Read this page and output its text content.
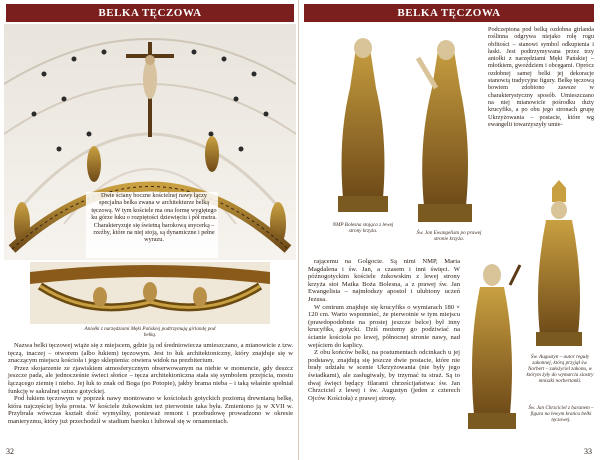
BELKA TĘCZOWA
Dwie ściany boczne kościelnej nawy łączy specjalna belka zwana w architekturze belką tęczową. W tym kościele ma ona formę wygiętego ku górze łuku o rozpiętości dziewięciu i pół metra. Charakteryzuje się świetną barokową snycerką – rzeźby, które na niej stoją, są dynamiczne i pełne wyrazu.
Aniołki z narzędziami Męki Pańskiej podtrzymują girlandę pod belką.

Nazwa belki tęczowej wiąże się z miejscem, gdzie ją od średniowiecza umieszczano, a mianowicie z tzw. tęczą, inaczej – otworem (albo łukiem) tęczowym. Jest to łuk architektoniczny, który znajduje się w znaczącym miejscu kościoła i jego sklepienia: otwiera widok na prezbiterium.

Przez skojarzenie ze zjawiskiem atmosferycznym obserwowanym na niebie w momencie, gdy deszcz jeszcze pada, ale jednocześnie świeci słońce – tęcza architektoniczna stała się symbolem przejścia, mostu łączącego ziemię i niebo. Jej łuk to znak od Boga (po Potopie), jakby brama nieba – i taką właśnie spełniał funkcję w sakralnej sztuce gotyckiej.

Pod łukiem tęczowym w poprzek nawy montowano w kościołach gotyckich poziomą drewnianą belkę, która najczęściej była prosta. W kościele żukowskim też pierwotnie taka była. Zmieniono ją w XVII w. Przybrała wówczas kształt dość wymyślny, ponieważ remont i przebudowę prowadzono w okresie manieryzmu, który już przechodził w stadium baroku i lubował się w ornamentach.

32
BELKA TĘCZOWA
Podczepiona pod belką ozdobna girlanda roślinna odgrywa niejako rolę rogu obfitości – stanowi symbol odkupienia i łaski. Jest podtrzymywana przez trzy aniołki z narzędziami Męki Pańskiej – młotkiem, gwoździem i obcęgami. Oprócz ozdobnej samej belki jej dekoracje stanowią tradycyjne figury. Belkę tęczową bowiem zdobiono zawsze w charakterystyczny sposób. Umieszczano na niej mianowicie pośrodku duży krucyfiks, a po obu jego stronach grupę Ukrzyżowania – postacie, które wg ewangelii towarzyszyły umie-
NMP Bolesna stojąca z lewej strony krzyża.	Św. Jan Ewangelista po prawej stronie krzyża.
Św. Augustyn – autor reguły zakonnej, którą przyjął św. Norbert – założyciel zakonu, w którym żyły do wymarcia siostry mniszki norbertanki.

rającemu na Golgocie. Są nimi NMP, Maria Magdalena i św. Jan, a czasem i inni święci. W późnogotyckim kościele żukowskim z lewej strony krzyża stoi Matka Boża Bolesna, a z prawej św. Jan Ewangelista – najmłodszy apostoł i ulubiony uczeń Jezusa.

W centrum znajduje się krucyfiks o wymiarach 180 × 120 cm. Warto wspomnieć, że pierwotnie w tym miejscu (prawdopodobnie na prostej jeszcze belce) był inny krucyfiks, gotycki. Dziś możemy go podziwiać na ścianie kościoła po lewej, północnej stronie nawy, nad wejściem do kaplicy.

Z obu końców belki, na postumentach odcinkach u jej podstawy, znajdują się jeszcze dwie postacie, które nie brały udziału w scenie Ukrzyżowania (nie były jego świadkami), ale zasługiwały, by trzymać tu straż. Są to dwaj święci będący filarami chrześcijaństwa: św. Jan Chrzciciel z lewej i św. Augustyn (jeden z czterech Ojców Kościoła) z prawej strony.

Św. Jan Chrzciciel z baranem – figura na lewym krańcu belki tęczowej.
33
